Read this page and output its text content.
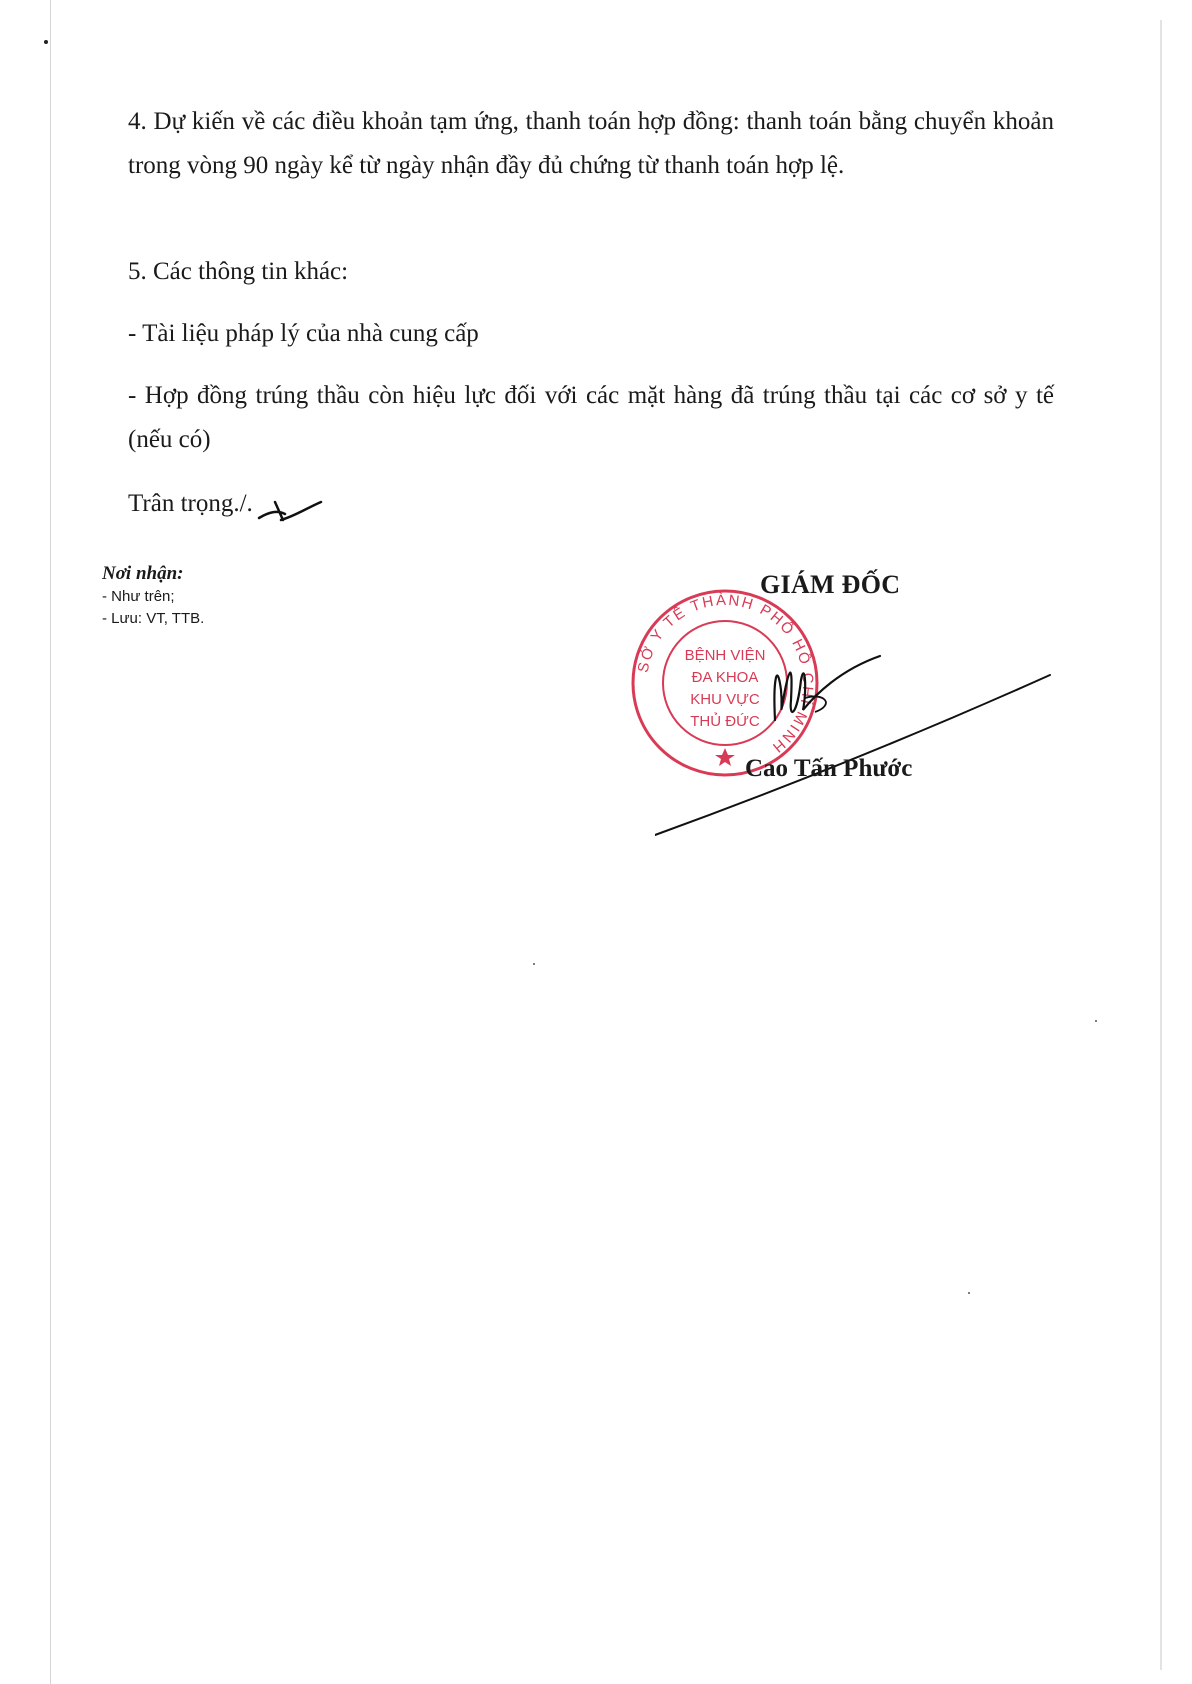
4. Dự kiến về các điều khoản tạm ứng, thanh toán hợp đồng: thanh toán bằng chuyển khoản trong vòng 90 ngày kể từ ngày nhận đầy đủ chứng từ thanh toán hợp lệ.

5. Các thông tin khác:

- Tài liệu pháp lý của nhà cung cấp

- Hợp đồng trúng thầu còn hiệu lực đối với các mặt hàng đã trúng thầu tại các cơ sở y tế (nếu có)

Trân trọng./.

Nơi nhận:
- Như trên;
- Lưu: VT, TTB.
GIÁM ĐỐC
SỞ Y TẾ THÀNH PHỐ HỒ CHÍ MINH
BỆNH VIỆN
ĐA KHOA
KHU VỰC
THỦ ĐỨC
Cao Tấn Phước
